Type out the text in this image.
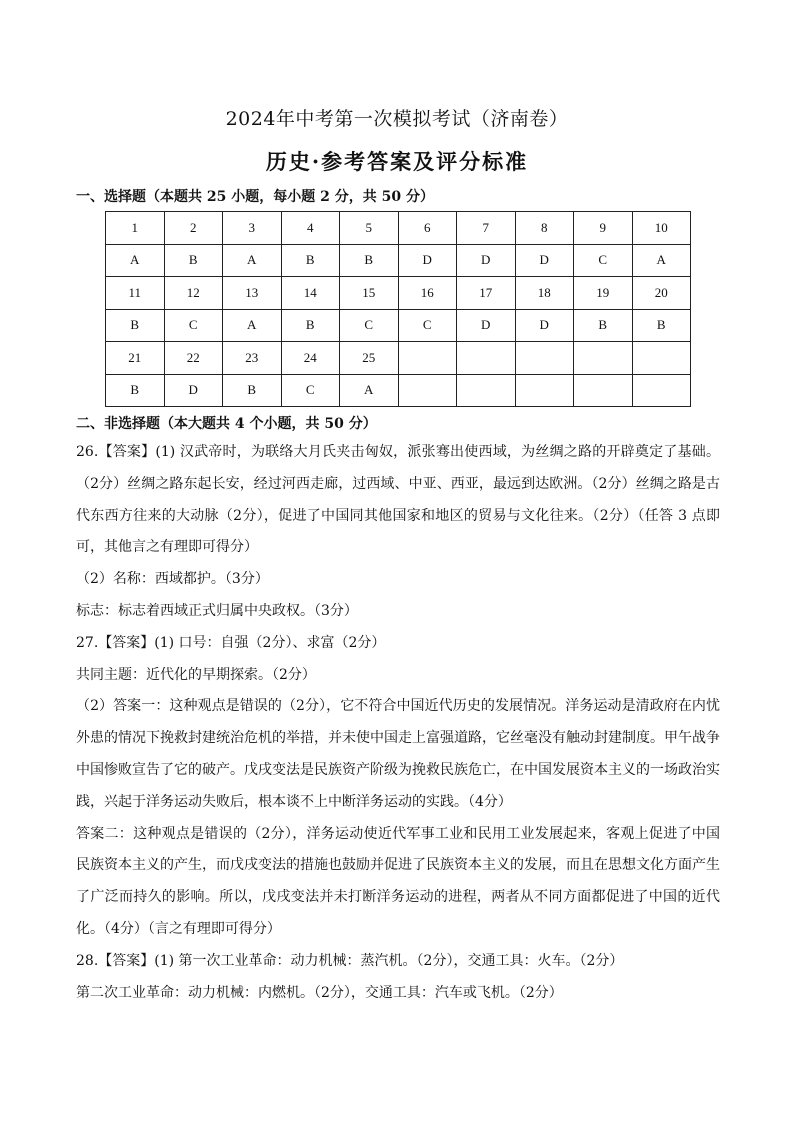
2024年中考第一次模拟考试（济南卷）
历史·参考答案及评分标准

一、选择题（本题共 25 小题，每小题 2 分，共 50 分）

1	2	3	4	5	6	7	8	9	10
A	B	A	B	B	D	D	D	C	A
11	12	13	14	15	16	17	18	19	20
B	C	A	B	C	C	D	D	B	B
21	22	23	24	25					
B	D	B	C	A					

二、非选择题（本大题共 4 个小题，共 50 分）

26.【答案】(1) 汉武帝时，为联络大月氏夹击匈奴，派张骞出使西域，为丝绸之路的开辟奠定了基础。（2分）丝绸之路东起长安，经过河西走廊，过西域、中亚、西亚，最远到达欧洲。（2分）丝绸之路是古代东西方往来的大动脉（2分），促进了中国同其他国家和地区的贸易与文化往来。（2分）（任答 3 点即可，其他言之有理即可得分）

（2）名称：西域都护。（3分）

标志：标志着西域正式归属中央政权。（3分）

27.【答案】(1) 口号：自强（2分）、求富（2分）

共同主题：近代化的早期探索。（2分）

（2）答案一：这种观点是错误的（2分），它不符合中国近代历史的发展情况。洋务运动是清政府在内忧外患的情况下挽救封建统治危机的举措，并未使中国走上富强道路，它丝毫没有触动封建制度。甲午战争中国惨败宣告了它的破产。戊戌变法是民族资产阶级为挽救民族危亡，在中国发展资本主义的一场政治实践，兴起于洋务运动失败后，根本谈不上中断洋务运动的实践。（4分）

答案二：这种观点是错误的（2分），洋务运动使近代军事工业和民用工业发展起来，客观上促进了中国民族资本主义的产生，而戊戌变法的措施也鼓励并促进了民族资本主义的发展，而且在思想文化方面产生了广泛而持久的影响。所以，戊戌变法并未打断洋务运动的进程，两者从不同方面都促进了中国的近代化。（4分）（言之有理即可得分）

28.【答案】(1) 第一次工业革命：动力机械：蒸汽机。（2分），交通工具：火车。（2分）

第二次工业革命：动力机械：内燃机。（2分），交通工具：汽车或飞机。（2分）
